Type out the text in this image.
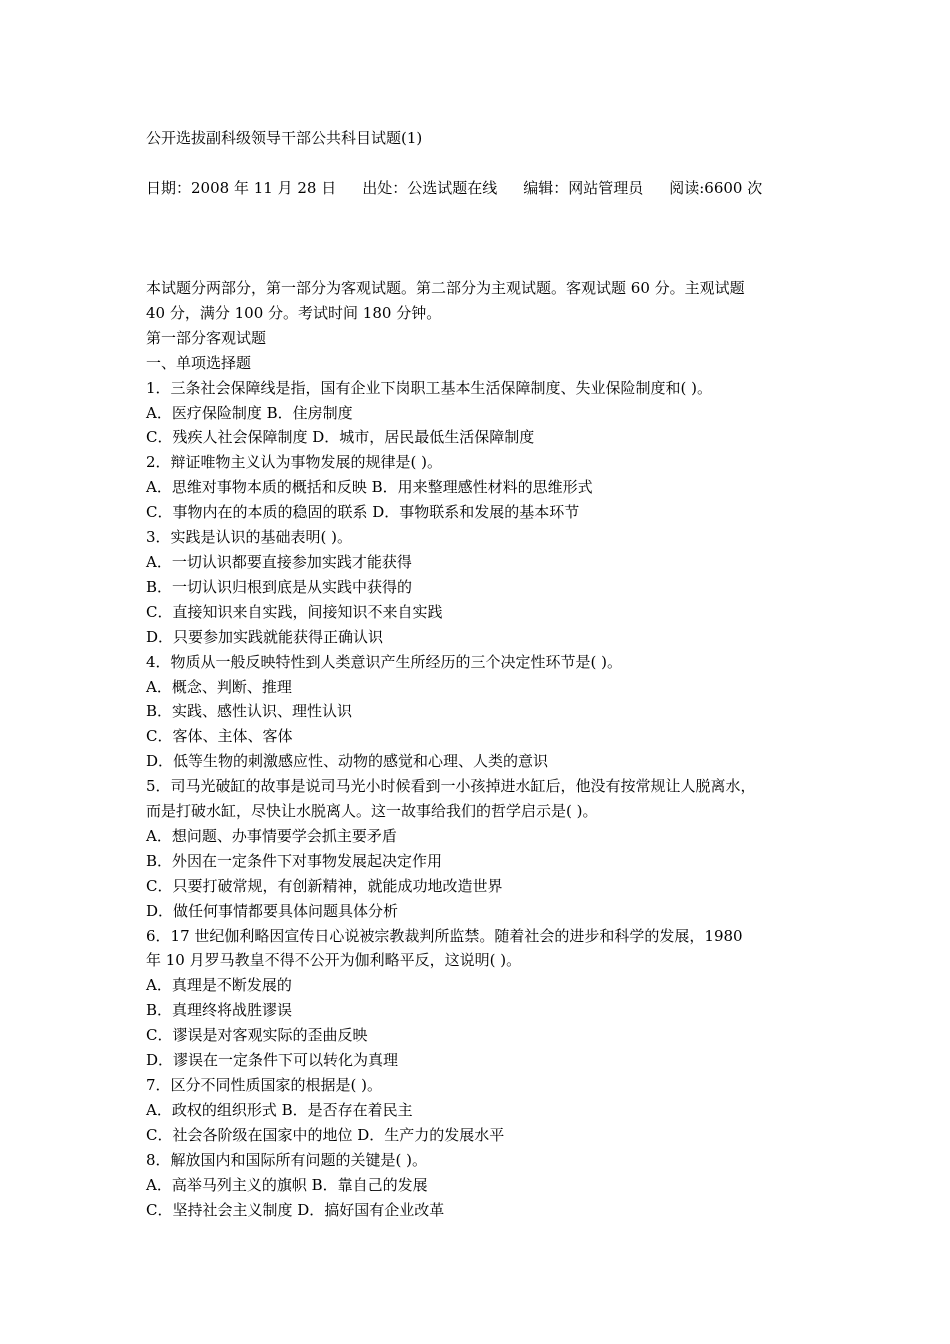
公开选拔副科级领导干部公共科目试题(1)
日期：2008 年 11 月 28 日 出处：公选试题在线 编辑：网站管理员 阅读:6600 次
本试题分两部分，第一部分为客观试题。第二部分为主观试题。客观试题 60 分。主观试题
40 分，满分 100 分。考试时间 180 分钟。
第一部分客观试题
一、单项选择题
1．三条社会保障线是指，国有企业下岗职工基本生活保障制度、失业保险制度和( )。
A．医疗保险制度 B．住房制度
C．残疾人社会保障制度 D．城市，居民最低生活保障制度
2．辩证唯物主义认为事物发展的规律是( )。
A．思维对事物本质的概括和反映 B．用来整理感性材料的思维形式
C．事物内在的本质的稳固的联系 D．事物联系和发展的基本环节
3．实践是认识的基础表明( )。
A．一切认识都要直接参加实践才能获得
B．一切认识归根到底是从实践中获得的
C．直接知识来自实践，间接知识不来自实践
D．只要参加实践就能获得正确认识
4．物质从一般反映特性到人类意识产生所经历的三个决定性环节是( )。
A．概念、判断、推理
B．实践、感性认识、理性认识
C．客体、主体、客体
D．低等生物的刺激感应性、动物的感觉和心理、人类的意识
5．司马光破缸的故事是说司马光小时候看到一小孩掉进水缸后，他没有按常规让人脱离水，
而是打破水缸，尽快让水脱离人。这一故事给我们的哲学启示是( )。
A．想问题、办事情要学会抓主要矛盾
B．外因在一定条件下对事物发展起决定作用
C．只要打破常规，有创新精神，就能成功地改造世界
D．做任何事情都要具体问题具体分析
6．17 世纪伽利略因宣传日心说被宗教裁判所监禁。随着社会的进步和科学的发展，1980
年 10 月罗马教皇不得不公开为伽利略平反，这说明( )。
A．真理是不断发展的
B．真理终将战胜谬误
C．谬误是对客观实际的歪曲反映
D．谬误在一定条件下可以转化为真理
7．区分不同性质国家的根据是( )。
A．政权的组织形式 B．是否存在着民主
C．社会各阶级在国家中的地位 D．生产力的发展水平
8．解放国内和国际所有问题的关键是( )。
A．高举马列主义的旗帜 B．靠自己的发展
C．坚持社会主义制度 D．搞好国有企业改革
